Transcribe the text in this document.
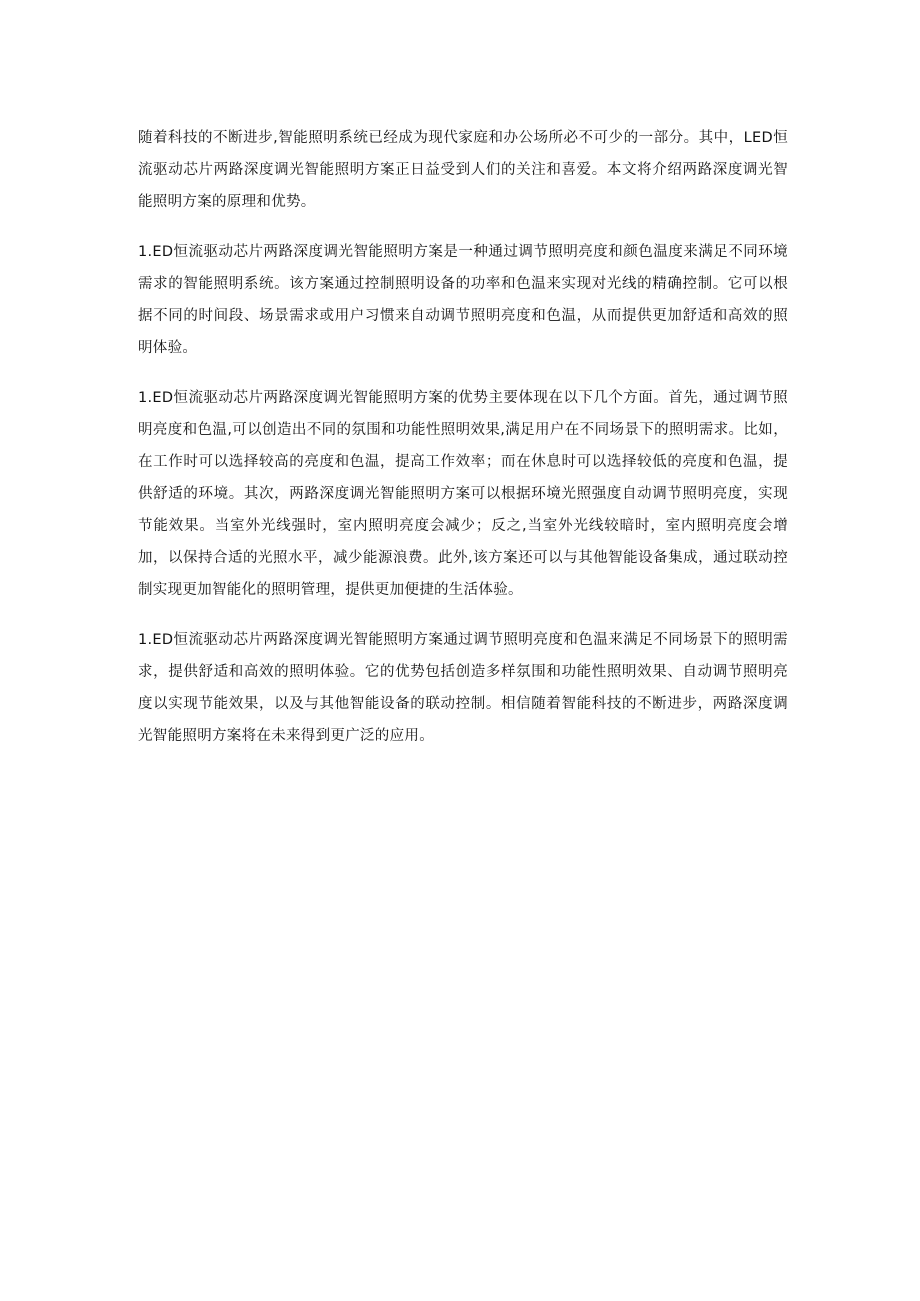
随着科技的不断进步,智能照明系统已经成为现代家庭和办公场所必不可少的一部分。其中，LED恒流驱动芯片两路深度调光智能照明方案正日益受到人们的关注和喜爱。本文将介绍两路深度调光智能照明方案的原理和优势。

1.ED恒流驱动芯片两路深度调光智能照明方案是一种通过调节照明亮度和颜色温度来满足不同环境需求的智能照明系统。该方案通过控制照明设备的功率和色温来实现对光线的精确控制。它可以根据不同的时间段、场景需求或用户习惯来自动调节照明亮度和色温，从而提供更加舒适和高效的照明体验。

1.ED恒流驱动芯片两路深度调光智能照明方案的优势主要体现在以下几个方面。首先，通过调节照明亮度和色温,可以创造出不同的氛围和功能性照明效果,满足用户在不同场景下的照明需求。比如，在工作时可以选择较高的亮度和色温，提高工作效率；而在休息时可以选择较低的亮度和色温，提供舒适的环境。其次，两路深度调光智能照明方案可以根据环境光照强度自动调节照明亮度，实现节能效果。当室外光线强时，室内照明亮度会减少；反之,当室外光线较暗时，室内照明亮度会增加，以保持合适的光照水平，减少能源浪费。此外,该方案还可以与其他智能设备集成，通过联动控制实现更加智能化的照明管理，提供更加便捷的生活体验。

1.ED恒流驱动芯片两路深度调光智能照明方案通过调节照明亮度和色温来满足不同场景下的照明需求，提供舒适和高效的照明体验。它的优势包括创造多样氛围和功能性照明效果、自动调节照明亮度以实现节能效果，以及与其他智能设备的联动控制。相信随着智能科技的不断进步，两路深度调光智能照明方案将在未来得到更广泛的应用。
